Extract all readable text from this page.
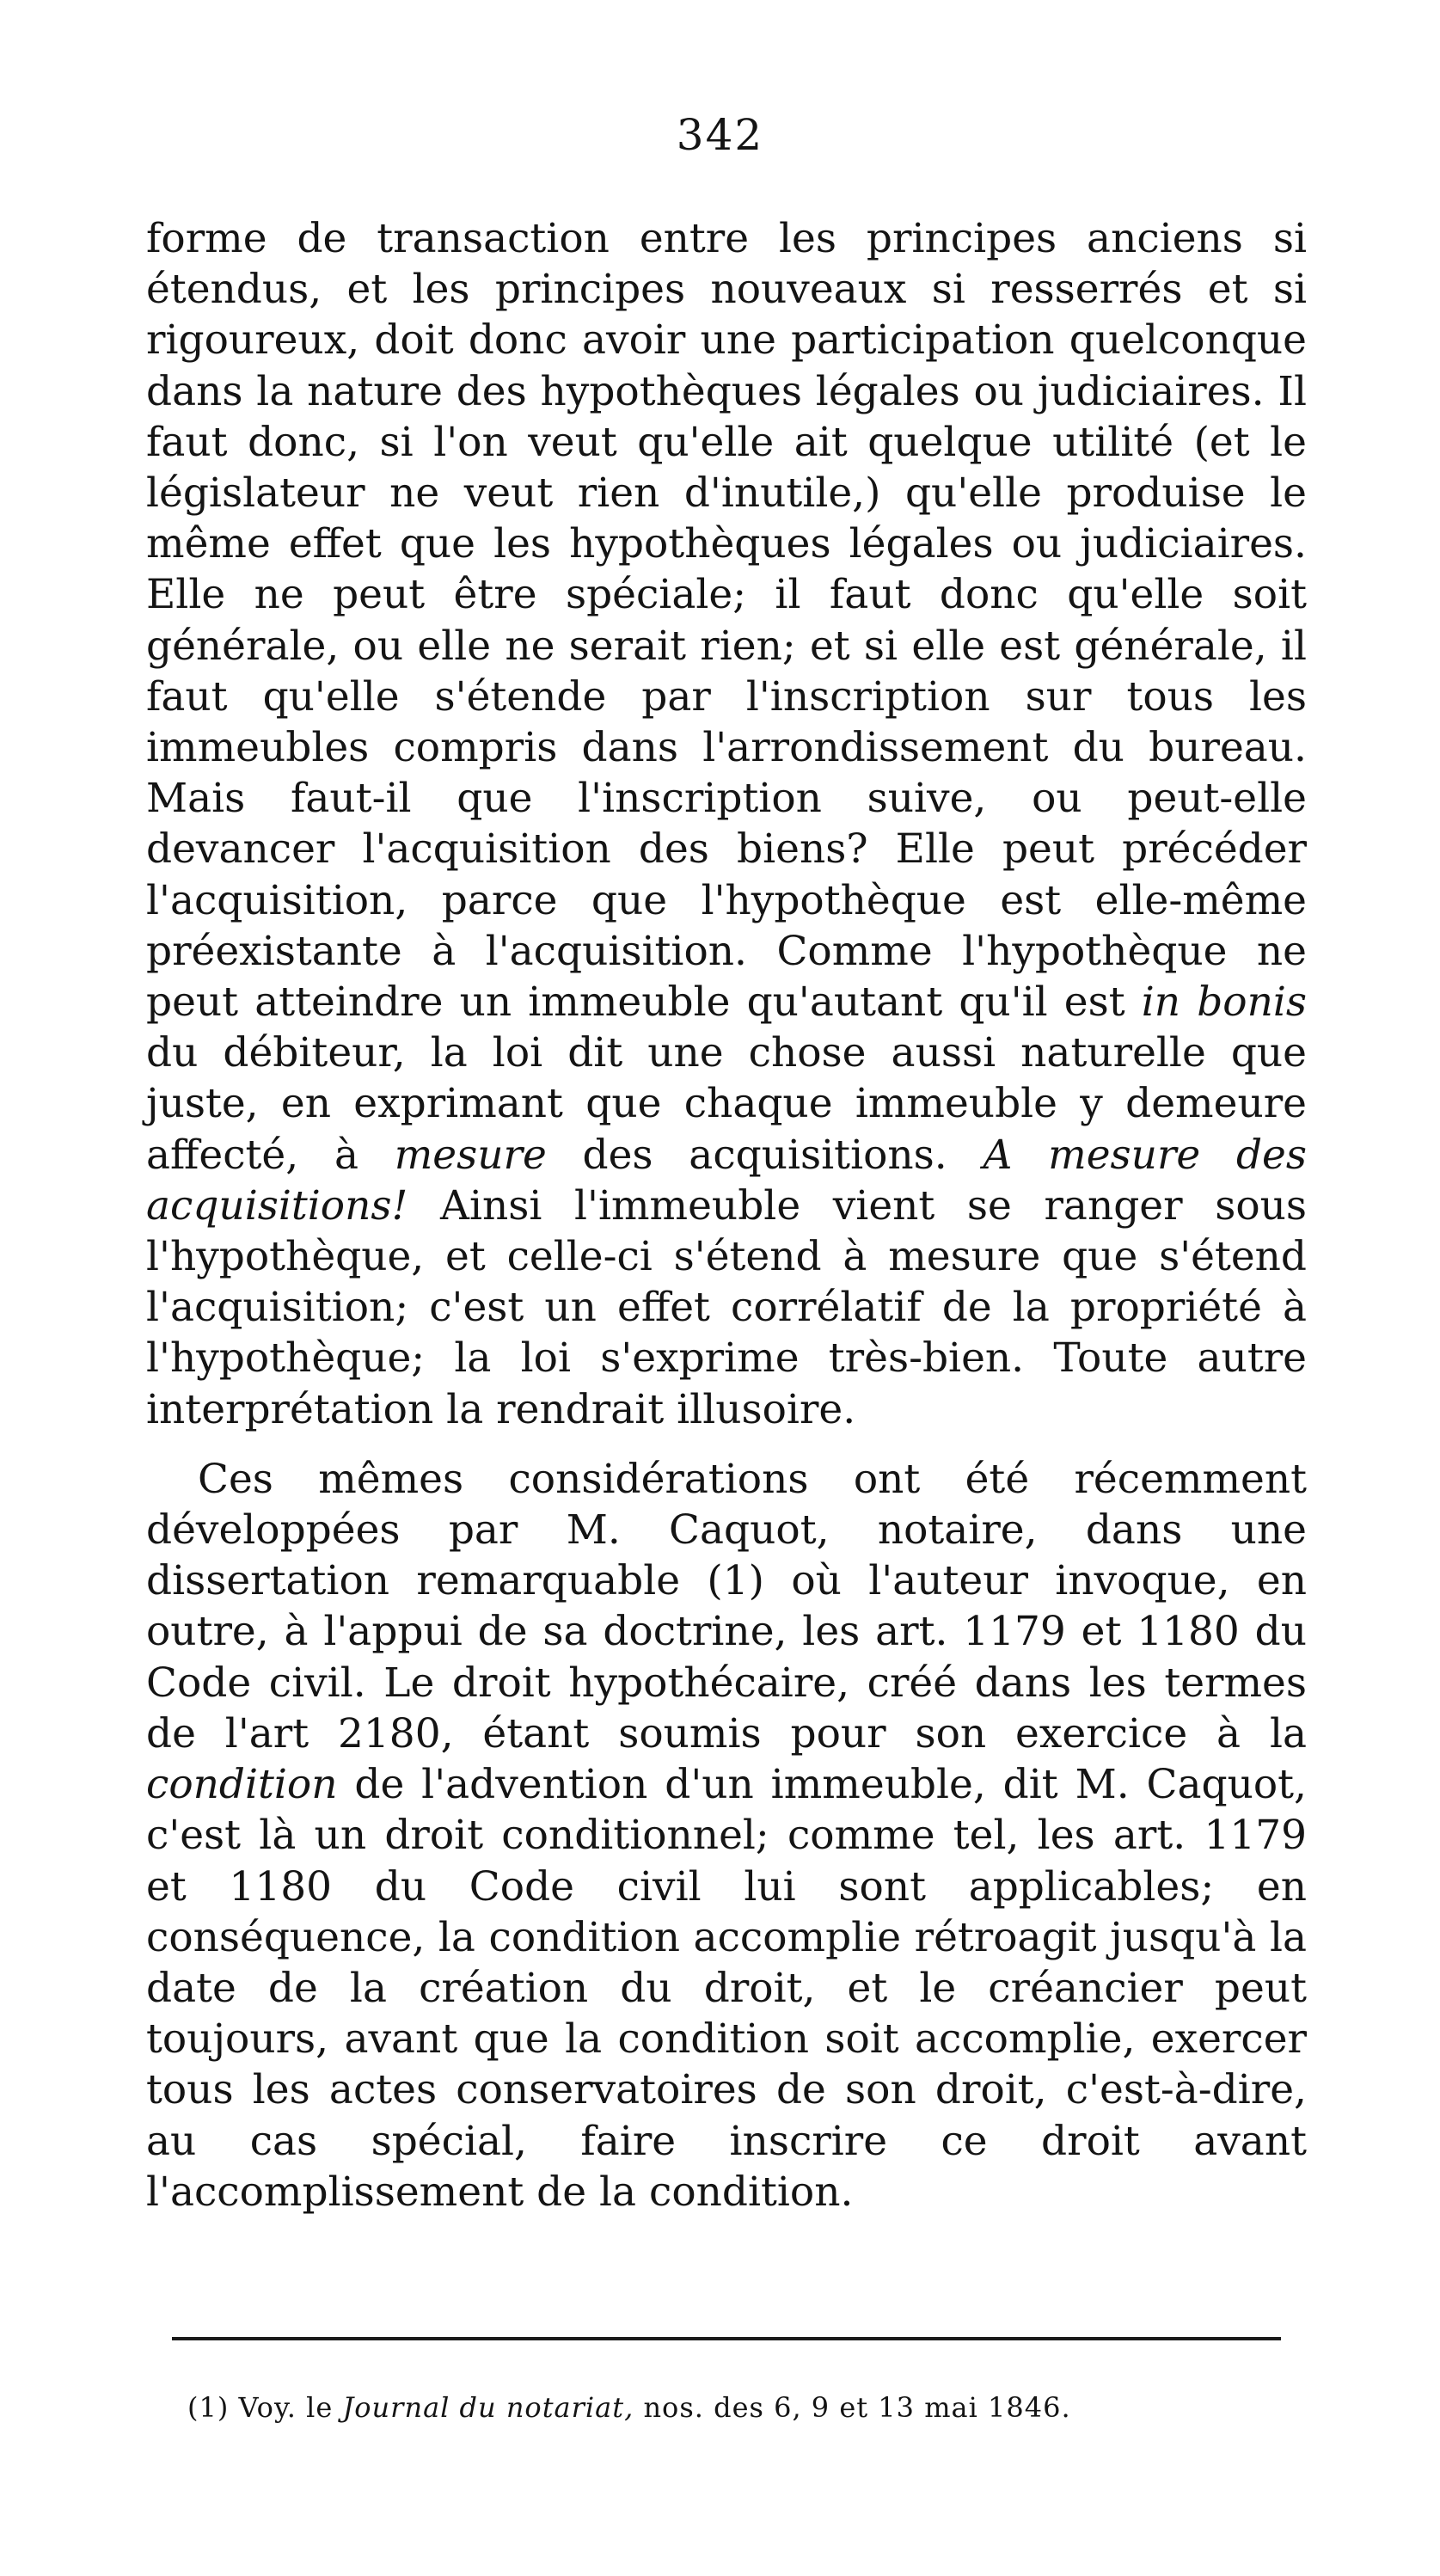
342

forme de transaction entre les principes anciens si étendus, et les principes nouveaux si resserrés et si rigoureux, doit donc avoir une participation quelconque dans la nature des hypothèques légales ou judiciaires. Il faut donc, si l'on veut qu'elle ait quelque utilité (et le législateur ne veut rien d'inutile,) qu'elle produise le même effet que les hypothèques légales ou judiciaires. Elle ne peut être spéciale; il faut donc qu'elle soit générale, ou elle ne serait rien; et si elle est générale, il faut qu'elle s'étende par l'inscription sur tous les immeubles compris dans l'arrondissement du bureau. Mais faut-il que l'inscription suive, ou peut-elle devancer l'acquisition des biens? Elle peut précéder l'acquisition, parce que l'hypothèque est elle-même préexistante à l'acquisition. Comme l'hypothèque ne peut atteindre un immeuble qu'autant qu'il est in bonis du débiteur, la loi dit une chose aussi naturelle que juste, en exprimant que chaque immeuble y demeure affecté, à mesure des acquisitions. A mesure des acquisitions! Ainsi l'immeuble vient se ranger sous l'hypothèque, et celle-ci s'étend à mesure que s'étend l'acquisition; c'est un effet corrélatif de la propriété à l'hypothèque; la loi s'exprime très-bien. Toute autre interprétation la rendrait illusoire.

Ces mêmes considérations ont été récemment développées par M. Caquot, notaire, dans une dissertation remarquable (1) où l'auteur invoque, en outre, à l'appui de sa doctrine, les art. 1179 et 1180 du Code civil. Le droit hypothécaire, créé dans les termes de l'art 2180, étant soumis pour son exercice à la condition de l'advention d'un immeuble, dit M. Caquot, c'est là un droit conditionnel; comme tel, les art. 1179 et 1180 du Code civil lui sont applicables; en conséquence, la condition accomplie rétroagit jusqu'à la date de la création du droit, et le créancier peut toujours, avant que la condition soit accomplie, exercer tous les actes conservatoires de son droit, c'est-à-dire, au cas spécial, faire inscrire ce droit avant l'accomplissement de la condition.

(1) Voy. le Journal du notariat, nos. des 6, 9 et 13 mai 1846.
